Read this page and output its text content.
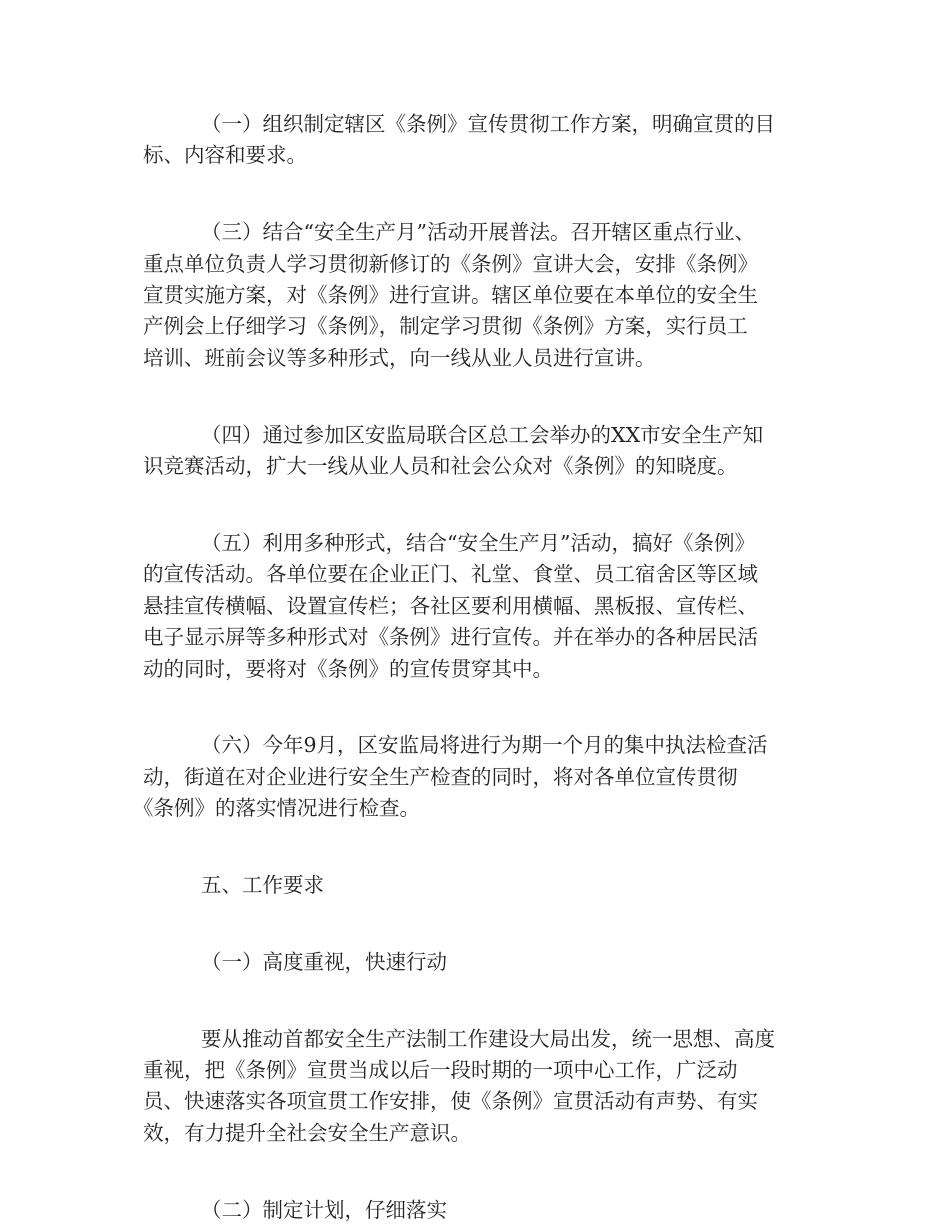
（一）组织制定辖区《条例》宣传贯彻工作方案，明确宣贯的目
标、内容和要求。
（三）结合“安全生产月”活动开展普法。召开辖区重点行业、
重点单位负责人学习贯彻新修订的《条例》宣讲大会，安排《条例》
宣贯实施方案，对《条例》进行宣讲。辖区单位要在本单位的安全生
产例会上仔细学习《条例》，制定学习贯彻《条例》方案，实行员工
培训、班前会议等多种形式，向一线从业人员进行宣讲。
（四）通过参加区安监局联合区总工会举办的XX市安全生产知
识竞赛活动，扩大一线从业人员和社会公众对《条例》的知晓度。
（五）利用多种形式，结合“安全生产月”活动，搞好《条例》
的宣传活动。各单位要在企业正门、礼堂、食堂、员工宿舍区等区域
悬挂宣传横幅、设置宣传栏；各社区要利用横幅、黑板报、宣传栏、
电子显示屏等多种形式对《条例》进行宣传。并在举办的各种居民活
动的同时，要将对《条例》的宣传贯穿其中。
（六）今年9月，区安监局将进行为期一个月的集中执法检查活
动，街道在对企业进行安全生产检查的同时，将对各单位宣传贯彻
《条例》的落实情况进行检查。
五、工作要求
（一）高度重视，快速行动
要从推动首都安全生产法制工作建设大局出发，统一思想、高度
重视，把《条例》宣贯当成以后一段时期的一项中心工作，广泛动
员、快速落实各项宣贯工作安排，使《条例》宣贯活动有声势、有实
效，有力提升全社会安全生产意识。
（二）制定计划，仔细落实
